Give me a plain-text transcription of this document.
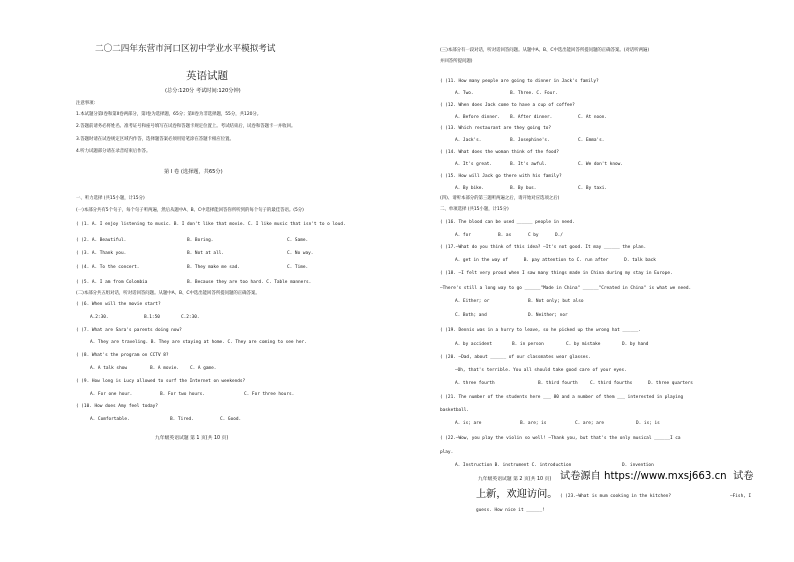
二〇二四年东营市河口区初中学业水平模拟考试
英语试题
(总分:120分 考试时间:120分钟)
注意事项:
1.本试题分第I卷和第II卷两部分，第I卷为选择题，65分；第II卷为非选择题，55分，共120分。
2.答题前请务必将姓名、准考证号和座号填写在试卷和答题卡规定位置上。考试结束后，试卷和答题卡一并收回。
3.答题时请在试卷规定区域内作答，选择题答案必须用铅笔涂在答题卡相应位置。
4.听力试题部分请在录音结束后作答。
第 I 卷 (选择题，共65分)
一、听力选择 (共15小题，计15分)
(一)本部分共有5个句子，每个句子听两遍，然后从题中A、B、C中选择能回答你所听到的每个句子的最佳答语。(5分)
( )1. A. I enjoy listening to music. B. I don't like that movie. C. I like music that isn't to o loud.
( )2. A. Beautiful.	B. Boring.	C. Same.
( )3. A. Thank you.	B. Not at all.	C. No way.
( )4. A. To the concert.	B. They make me sad.	C. Time.
( )5. A. I am from Colombia	B. Because they are too hard. C. Table manners.
(二)本部分共五组对话，听对话回答问题。从题中A、B、C中选出能回答所提问题的正确答案。
( )6. When will the movie start?
A.2:30.	B.1:50	C.2:30.
( )7. What are Sara's parents doing now?
A. They are traveling. B. They are staying at home. C. They are coming to see her.
( )8. What's the program on CCTV 8?
A. A talk show	B. A movie. C. A game.
( )9. How long is Lucy allowed to surf the Internet on weekends?
A. For one hour.	B. For two hours.	C. For three hours.
( )10. How does Amy feel today?
A. Comfortable.	B. Tired.	C. Good.
九年级英语试题 第 1 页(共 10 页)
(三)本部分有一段对话，听对话回答问题。从题中A、B、C中选出能回答所提问题的正确答案。(对话听两遍)
并回答所提问题)
( )11. How many people are going to dinner in Jack's family?
A. Two.	B. Three. C. Four.
( )12. When does Jack come to have a cup of coffee?
A. Before dinner. B. After dinner.	C. At noon.
( )13. Which restaurant are they going to?
A. Jack's.	B. Josephine's.	C. Emma's.
( )14. What does the woman think of the food?
A. It's great.	B. It's awful.	C. We don't know.
( )15. How will Jack go there with his family?
A. By bike.	B. By bus.	C. By taxi.
(四)、请听本部分的第三题听两遍之后，请开始对应选项之后)
二、单项选择 (共15小题，计15分)
( )16. The blood can be used ______ people in need.
A. for	B. as	C by	D./
( )17.—What do you think of this idea? —It's not good. It may ______ the plan.
A. get in the way of      B. pay attention to C. run after      D. talk back
( )18. —I felt very proud when I saw many things made in China during my stay in Europe.
—There's still a long way to go ______"Made in China" ______"Created in China" is what we need.
A. Either; or	B. Not only; but also
C. Both; and	D. Neither; nor
( )19. Dennis was in a hurry to leave, so he picked up the wrong hat ______.
A. by accident	B. in person	C. by mistake	D. by hand
( )20. —Dad, about ______ of our classmates wear glasses.
—Oh, that's terrible. You all should take good care of your eyes.
A. three fourth	B. third fourth	C. third fourths	D. three quarters
( )21. The number of the students here ___ 80 and a number of them ___ interested in playing
basketball.
A. is; are	B. are; is	C. are; are	D. is; is
( )22.—Wow, you play the violin so well! —Thank you, but that's the only musical ______I ca
play.
A. Instruction B. instrument C. introduction	D. invention
九年级英语试题 第 2 页(共 10 页) 试卷源自 https://www.mxsj663.cn  试卷
上新，欢迎访问。 ( )23.—What is mum cooking in the kitchen?	—Fish, I
guess. How nice it ______!
